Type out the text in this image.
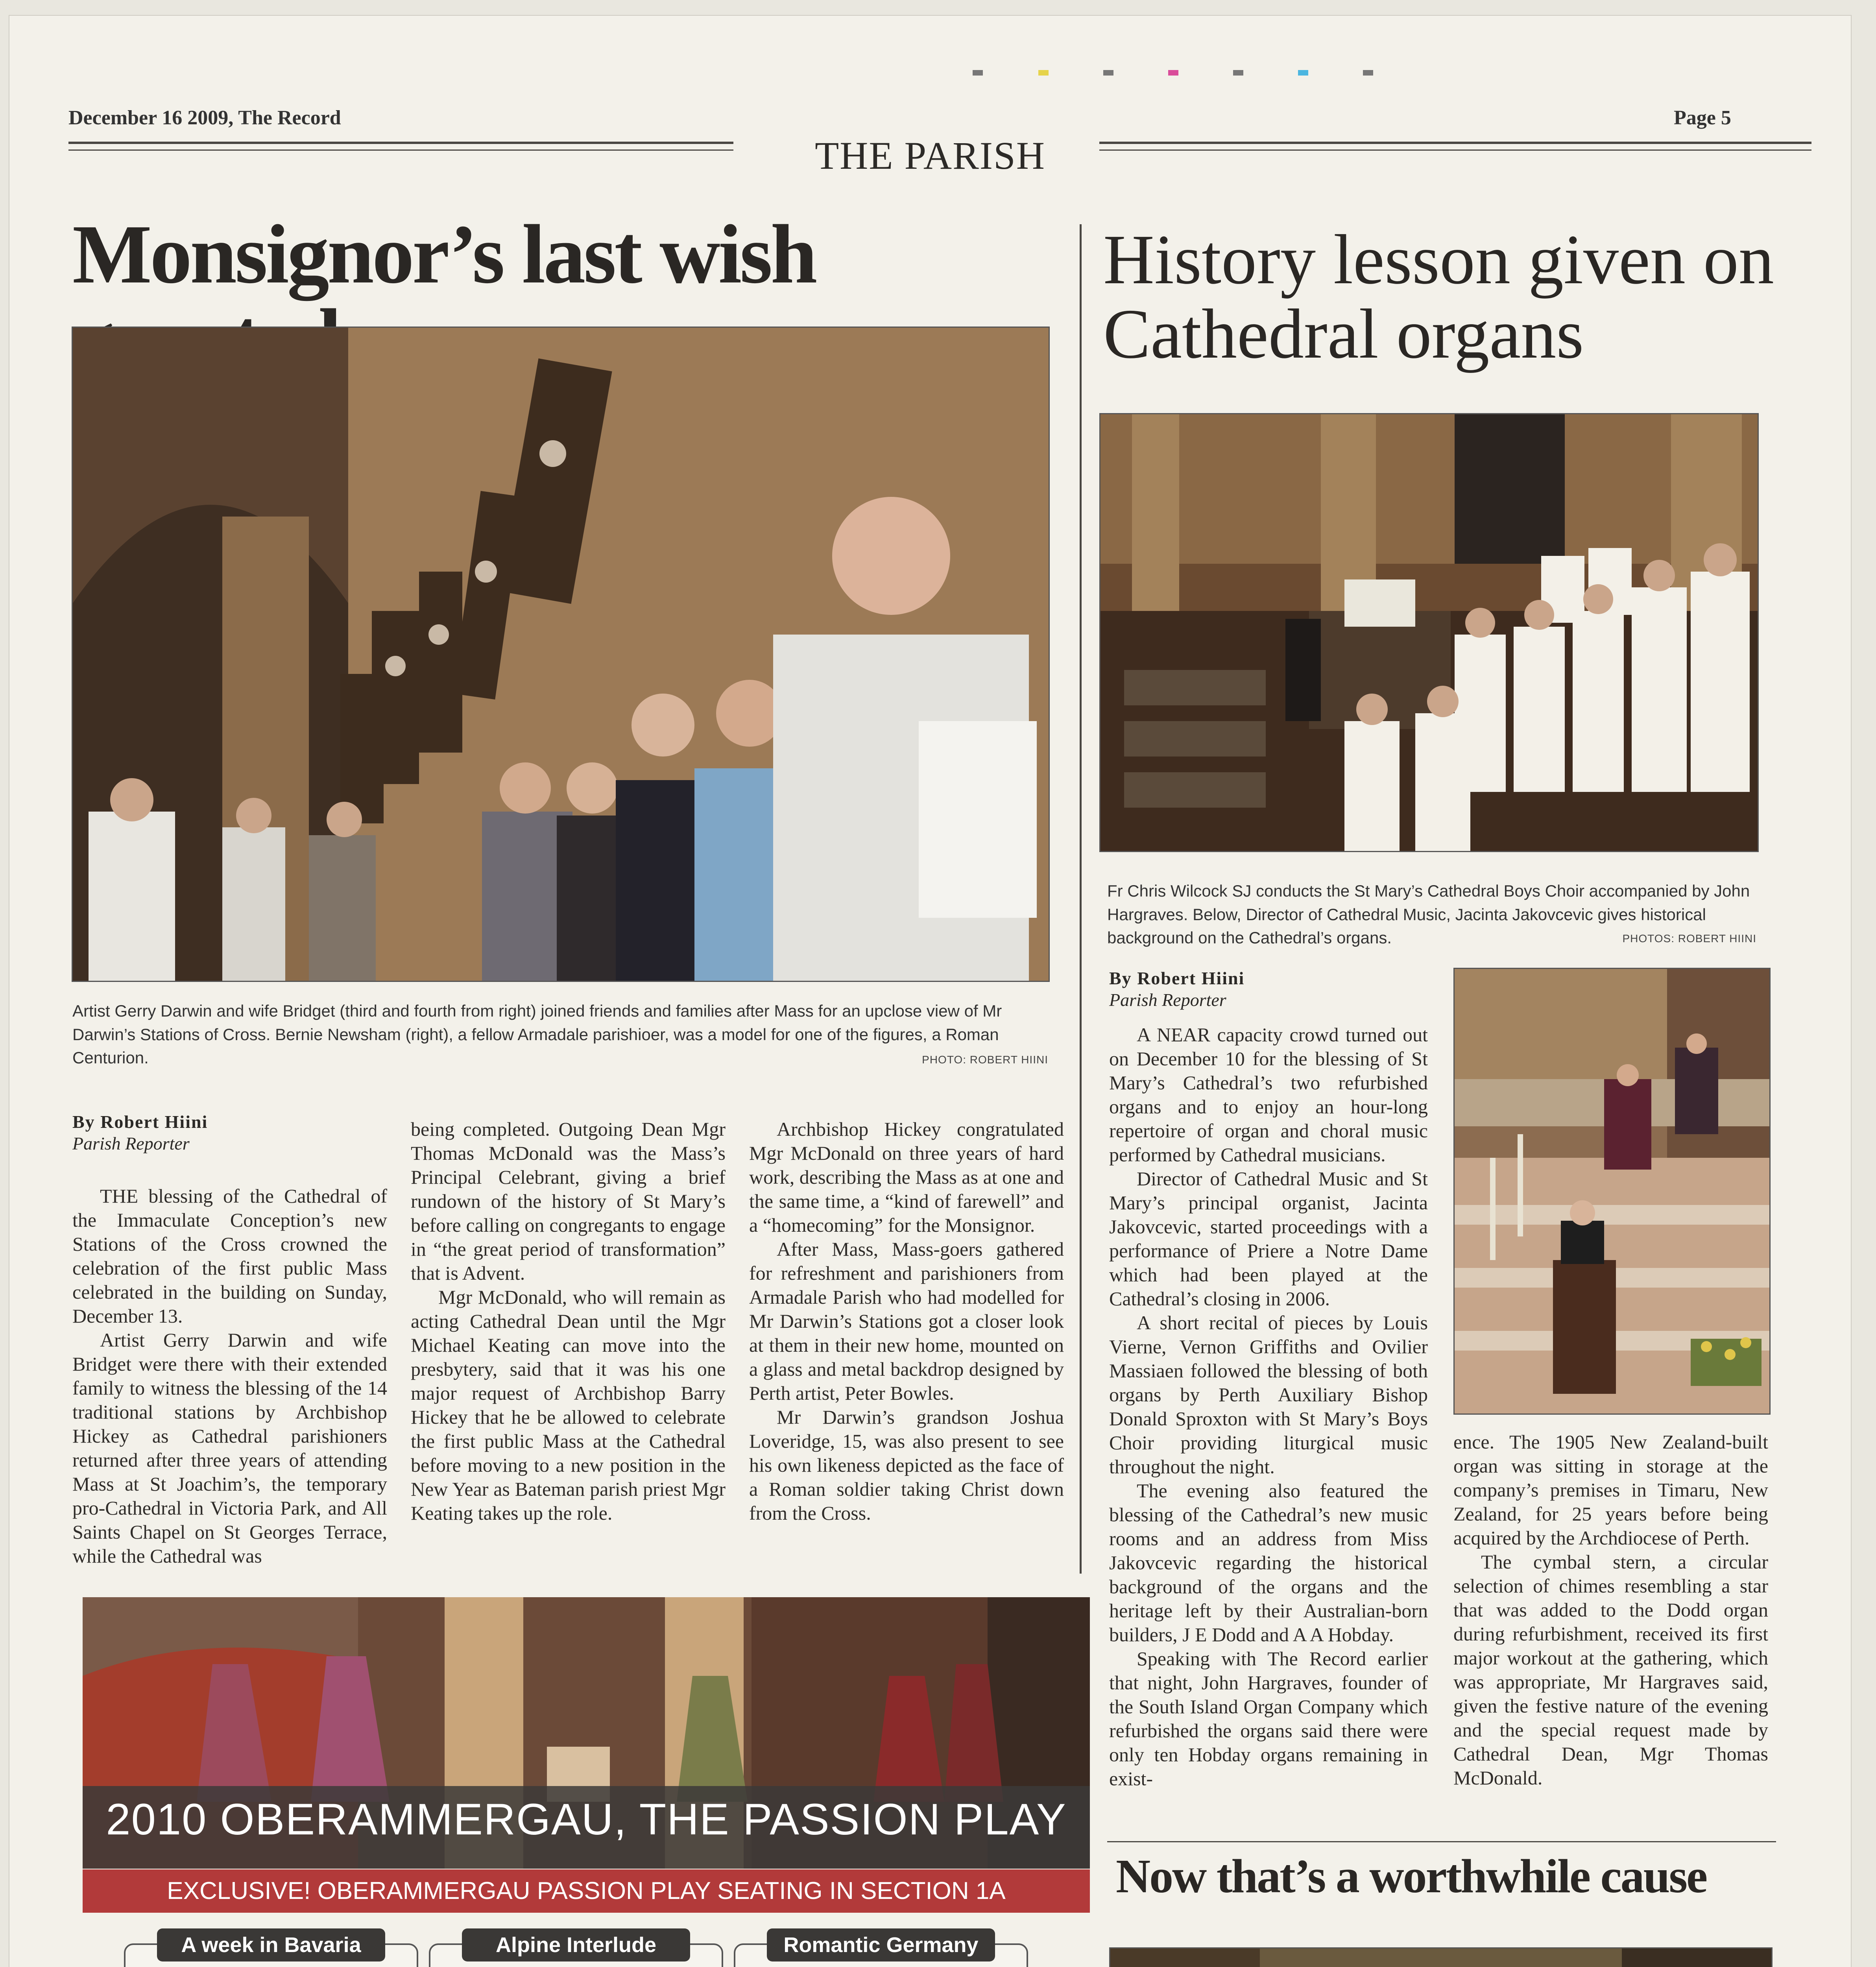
December 16 2009, The Record	Page 5
THE PARISH
Monsignor’s last wish
Artist Gerry Darwin and wife Bridget (third and fourth from right) joined friends and families after Mass for an upclose view of Mr Darwin’s Stations of Cross. Bernie Newsham (right), a fellow Armadale parishioer, was a model for one of the figures, a Roman Centurion.	PHOTO: ROBERT HIINI
By Robert Hiini
Parish Reporter

THE blessing of the Cathedral of the Immaculate Conception’s new Stations of the Cross crowned the celebration of the first public Mass celebrated in the building on Sunday, December 13.

Artist Gerry Darwin and wife Bridget were there with their extended family to witness the blessing of the 14 traditional stations by Archbishop Hickey as Cathedral parishioners returned after three years of attending Mass at St Joachim’s, the temporary pro-Cathedral in Victoria Park, and All Saints Chapel on St Georges Terrace, while the Cathedral was

being completed. Outgoing Dean Mgr Thomas McDonald was the Mass’s Principal Celebrant, giving a brief rundown of the history of St Mary’s before calling on congregants to engage in “the great period of transformation” that is Advent.

Mgr McDonald, who will remain as acting Cathedral Dean until the Mgr Michael Keating can move into the presbytery, said that it was his one major request of Archbishop Barry Hickey that he be allowed to celebrate the first public Mass at the Cathedral before moving to a new position in the New Year as Bateman parish priest Mgr Keating takes up the role.

Archbishop Hickey congratulated Mgr McDonald on three years of hard work, describing the Mass as at one and the same time, a “kind of farewell” and a “homecoming” for the Monsignor.

After Mass, Mass-goers gathered for refreshment and parishioners from Armadale Parish who had modelled for Mr Darwin’s Stations got a closer look at them in their new home, mounted on a glass and metal backdrop designed by Perth artist, Peter Bowles.

Mr Darwin’s grandson Joshua Loveridge, 15, was also present to see his own likeness depicted as the face of a Roman soldier taking Christ down from the Cross.

History lesson given on Cathedral organs
Fr Chris Wilcock SJ conducts the St Mary’s Cathedral Boys Choir accompanied by John Hargraves. Below, Director of Cathedral Music, Jacinta Jakovcevic gives historical background on the Cathedral’s organs.	PHOTOS: ROBERT HIINI
By Robert Hiini
Parish Reporter

A NEAR capacity crowd turned out on December 10 for the blessing of St Mary’s Cathedral’s two refurbished organs and to enjoy an hour-long repertoire of organ and choral music performed by Cathedral musicians.

Director of Cathedral Music and St Mary’s principal organist, Jacinta Jakovcevic, started proceedings with a performance of Priere a Notre Dame which had been played at the Cathedral’s closing in 2006.

A short recital of pieces by Louis Vierne, Vernon Griffiths and Ovilier Massiaen followed the blessing of both organs by Perth Auxiliary Bishop Donald Sproxton with St Mary’s Boys Choir providing liturgical music throughout the night.

The evening also featured the blessing of the Cathedral’s new music rooms and an address from Miss Jakovcevic regarding the historical background of the organs and the heritage left by their Australian-born builders, J E Dodd and A A Hobday.

Speaking with The Record earlier that night, John Hargraves, founder of the South Island Organ Company which refurbished the organs said there were only ten Hobday organs remaining in exist-

ence. The 1905 New Zealand-built organ was sitting in storage at the company’s premises in Timaru, New Zealand, for 25 years before being acquired by the Archdiocese of Perth.

The cymbal stern, a circular selection of chimes resembling a star that was added to the Dodd organ during refurbishment, received its first major workout at the gathering, which was appropriate, Mr Hargraves said, given the festive nature of the evening and the special request made by Cathedral Dean, Mgr Thomas McDonald.

Now that’s a worthwhile cause
2010 OBERAMMERGAU, THE PASSION PLAY
EXCLUSIVE! OBERAMMERGAU PASSION PLAY SEATING IN SECTION 1A
A week in Bavaria	Alpine Interlude	Romantic Germany
